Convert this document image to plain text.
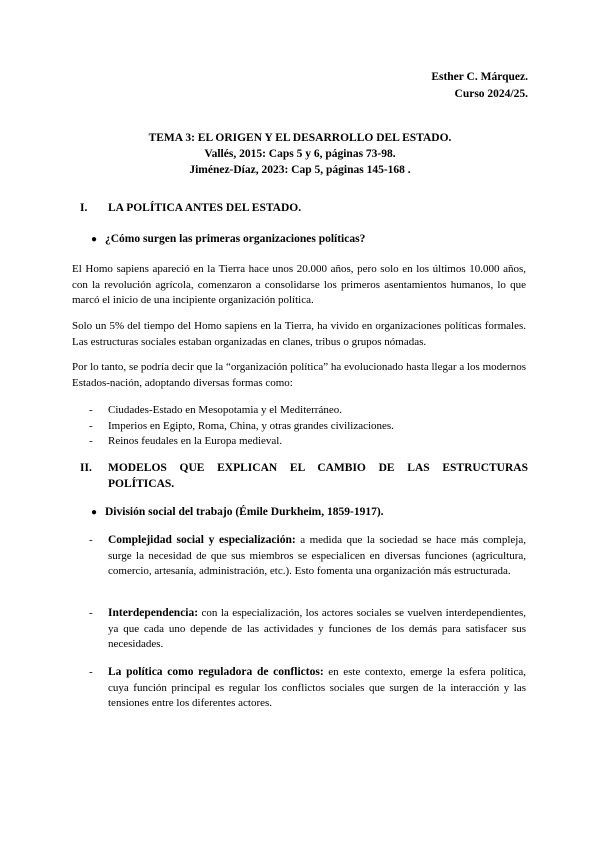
Esther C. Márquez.
Curso 2024/25.
TEMA 3: EL ORIGEN Y EL DESARROLLO DEL ESTADO.
Vallés, 2015: Caps 5 y 6, páginas 73-98.
Jiménez-Díaz, 2023: Cap 5, páginas 145-168 .
I. LA POLÍTICA ANTES DEL ESTADO.
● ¿Cómo surgen las primeras organizaciones políticas?
El Homo sapiens apareció en la Tierra hace unos 20.000 años, pero solo en los últimos 10.000 años, con la revolución agrícola, comenzaron a consolidarse los primeros asentamientos humanos, lo que marcó el inicio de una incipiente organización política.
Solo un 5% del tiempo del Homo sapiens en la Tierra, ha vivido en organizaciones políticas formales. Las estructuras sociales estaban organizadas en clanes, tribus o grupos nómadas.
Por lo tanto, se podría decir que la “organización política” ha evolucionado hasta llegar a los modernos Estados-nación, adoptando diversas formas como:
- Ciudades-Estado en Mesopotamia y el Mediterráneo.
- Imperios en Egipto, Roma, China, y otras grandes civilizaciones.
- Reinos feudales en la Europa medieval.
II. MODELOS QUE EXPLICAN EL CAMBIO DE LAS ESTRUCTURAS POLÍTICAS.
● División social del trabajo (Émile Durkheim, 1859-1917).
- Complejidad social y especialización: a medida que la sociedad se hace más compleja, surge la necesidad de que sus miembros se especialicen en diversas funciones (agricultura, comercio, artesanía, administración, etc.). Esto fomenta una organización más estructurada.
- Interdependencia: con la especialización, los actores sociales se vuelven interdependientes, ya que cada uno depende de las actividades y funciones de los demás para satisfacer sus necesidades.
- La política como reguladora de conflictos: en este contexto, emerge la esfera política, cuya función principal es regular los conflictos sociales que surgen de la interacción y las tensiones entre los diferentes actores.
